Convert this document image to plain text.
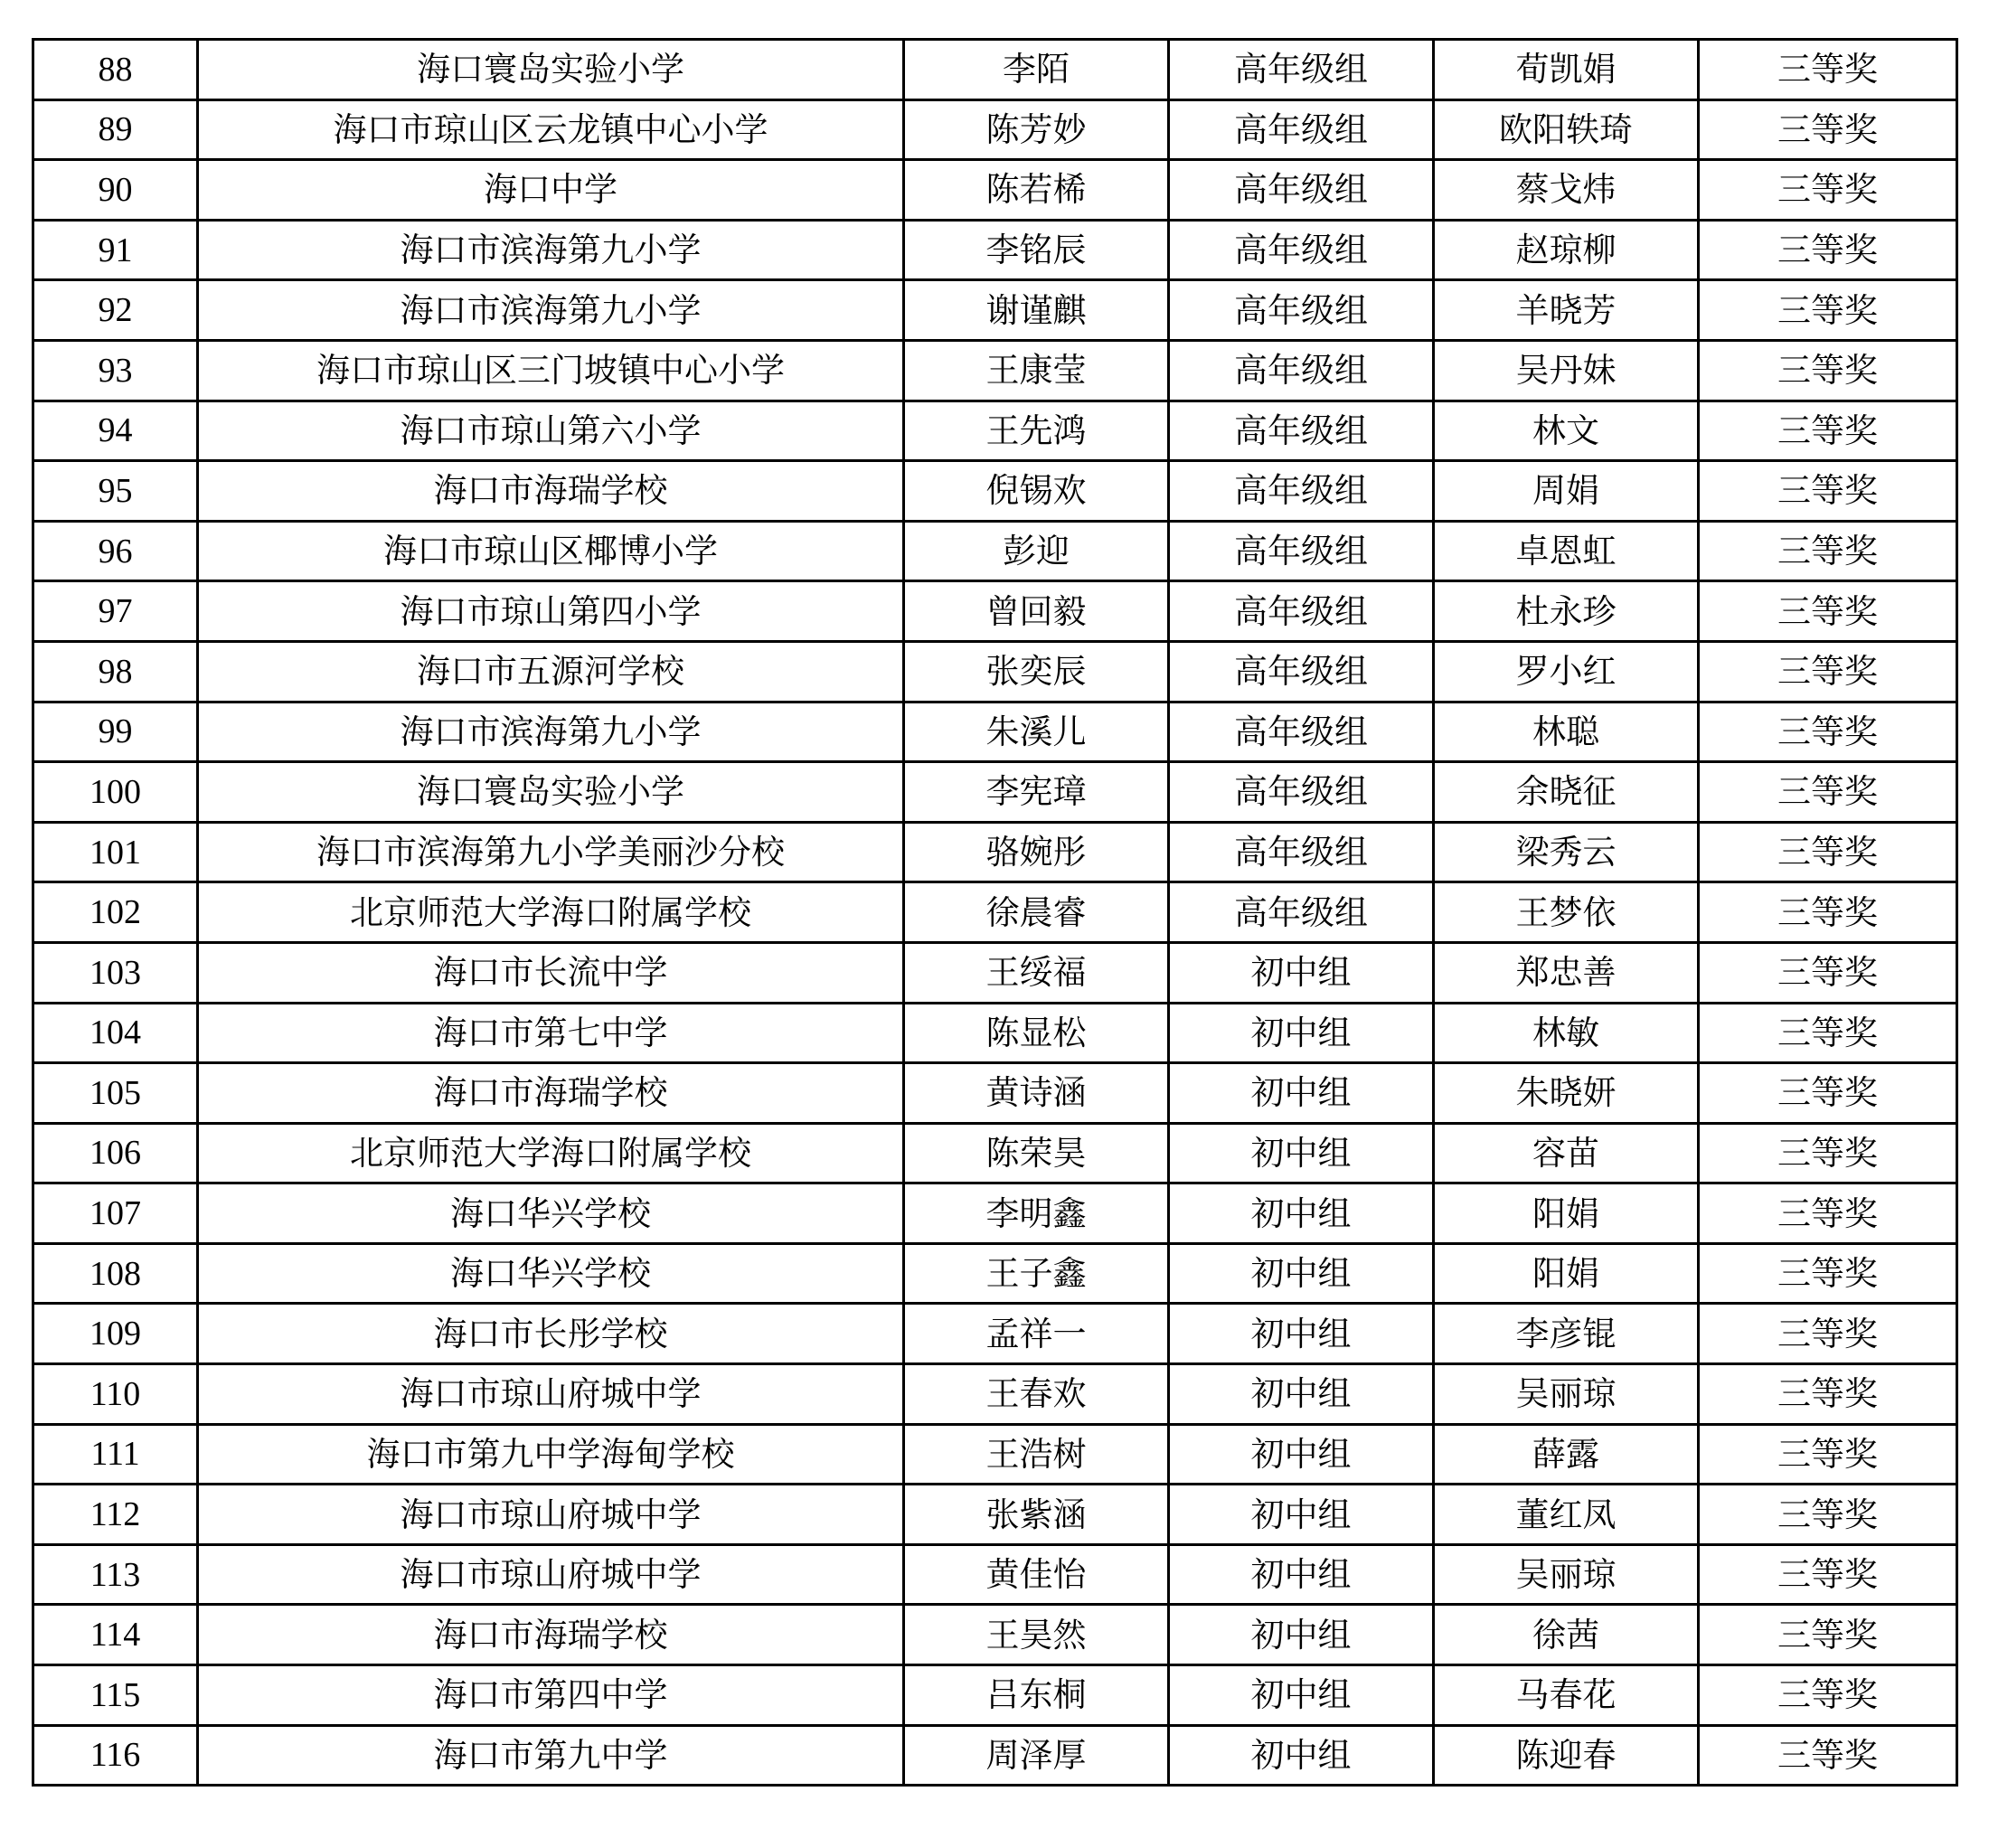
88	海口寰岛实验小学	李陌	高年级组	荀凯娟	三等奖
89	海口市琼山区云龙镇中心小学	陈芳妙	高年级组	欧阳轶琦	三等奖
90	海口中学	陈若桸	高年级组	蔡戈炜	三等奖
91	海口市滨海第九小学	李铭辰	高年级组	赵琼柳	三等奖
92	海口市滨海第九小学	谢谨麒	高年级组	羊晓芳	三等奖
93	海口市琼山区三门坡镇中心小学	王康莹	高年级组	吴丹妹	三等奖
94	海口市琼山第六小学	王先鸿	高年级组	林文	三等奖
95	海口市海瑞学校	倪锡欢	高年级组	周娟	三等奖
96	海口市琼山区椰博小学	彭迎	高年级组	卓恩虹	三等奖
97	海口市琼山第四小学	曾回毅	高年级组	杜永珍	三等奖
98	海口市五源河学校	张奕辰	高年级组	罗小红	三等奖
99	海口市滨海第九小学	朱溪儿	高年级组	林聪	三等奖
100	海口寰岛实验小学	李宪璋	高年级组	余晓征	三等奖
101	海口市滨海第九小学美丽沙分校	骆婉彤	高年级组	梁秀云	三等奖
102	北京师范大学海口附属学校	徐晨睿	高年级组	王梦依	三等奖
103	海口市长流中学	王绥福	初中组	郑忠善	三等奖
104	海口市第七中学	陈显松	初中组	林敏	三等奖
105	海口市海瑞学校	黄诗涵	初中组	朱晓妍	三等奖
106	北京师范大学海口附属学校	陈荣昊	初中组	容苗	三等奖
107	海口华兴学校	李明鑫	初中组	阳娟	三等奖
108	海口华兴学校	王子鑫	初中组	阳娟	三等奖
109	海口市长彤学校	孟祥一	初中组	李彦锟	三等奖
110	海口市琼山府城中学	王春欢	初中组	吴丽琼	三等奖
111	海口市第九中学海甸学校	王浩树	初中组	薛露	三等奖
112	海口市琼山府城中学	张紫涵	初中组	董红凤	三等奖
113	海口市琼山府城中学	黄佳怡	初中组	吴丽琼	三等奖
114	海口市海瑞学校	王昊然	初中组	徐茜	三等奖
115	海口市第四中学	吕东桐	初中组	马春花	三等奖
116	海口市第九中学	周泽厚	初中组	陈迎春	三等奖
